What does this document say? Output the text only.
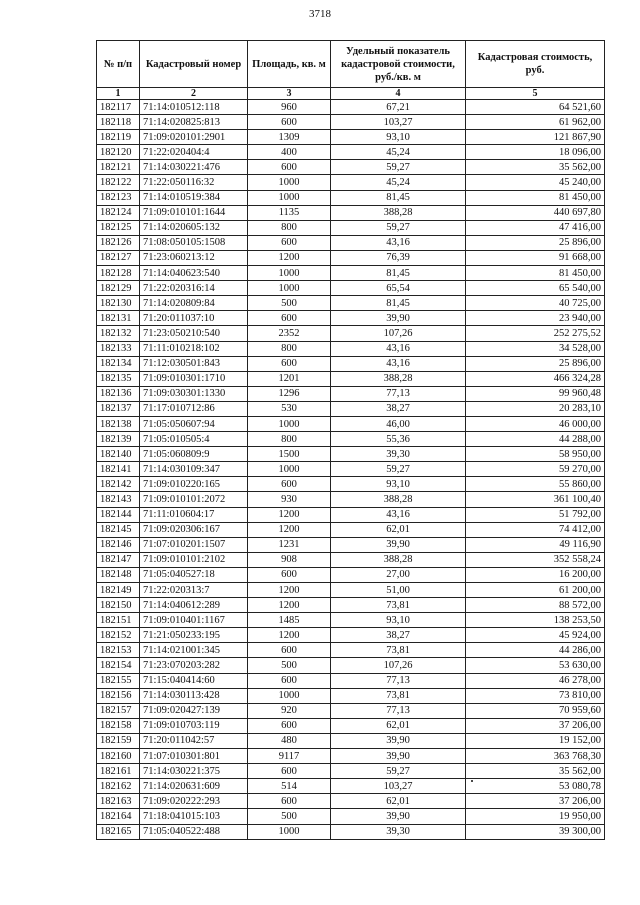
3718
№ п/п	Кадастровый номер	Площадь, кв. м	Удельный показатель кадастровой стоимости, руб./кв. м	Кадастровая стоимость, руб.
1	2	3	4	5
182117	71:14:010512:118	960	67,21	64 521,60
182118	71:14:020825:813	600	103,27	61 962,00
182119	71:09:020101:2901	1309	93,10	121 867,90
182120	71:22:020404:4	400	45,24	18 096,00
182121	71:14:030221:476	600	59,27	35 562,00
182122	71:22:050116:32	1000	45,24	45 240,00
182123	71:14:010519:384	1000	81,45	81 450,00
182124	71:09:010101:1644	1135	388,28	440 697,80
182125	71:14:020605:132	800	59,27	47 416,00
182126	71:08:050105:1508	600	43,16	25 896,00
182127	71:23:060213:12	1200	76,39	91 668,00
182128	71:14:040623:540	1000	81,45	81 450,00
182129	71:22:020316:14	1000	65,54	65 540,00
182130	71:14:020809:84	500	81,45	40 725,00
182131	71:20:011037:10	600	39,90	23 940,00
182132	71:23:050210:540	2352	107,26	252 275,52
182133	71:11:010218:102	800	43,16	34 528,00
182134	71:12:030501:843	600	43,16	25 896,00
182135	71:09:010301:1710	1201	388,28	466 324,28
182136	71:09:030301:1330	1296	77,13	99 960,48
182137	71:17:010712:86	530	38,27	20 283,10
182138	71:05:050607:94	1000	46,00	46 000,00
182139	71:05:010505:4	800	55,36	44 288,00
182140	71:05:060809:9	1500	39,30	58 950,00
182141	71:14:030109:347	1000	59,27	59 270,00
182142	71:09:010220:165	600	93,10	55 860,00
182143	71:09:010101:2072	930	388,28	361 100,40
182144	71:11:010604:17	1200	43,16	51 792,00
182145	71:09:020306:167	1200	62,01	74 412,00
182146	71:07:010201:1507	1231	39,90	49 116,90
182147	71:09:010101:2102	908	388,28	352 558,24
182148	71:05:040527:18	600	27,00	16 200,00
182149	71:22:020313:7	1200	51,00	61 200,00
182150	71:14:040612:289	1200	73,81	88 572,00
182151	71:09:010401:1167	1485	93,10	138 253,50
182152	71:21:050233:195	1200	38,27	45 924,00
182153	71:14:021001:345	600	73,81	44 286,00
182154	71:23:070203:282	500	107,26	53 630,00
182155	71:15:040414:60	600	77,13	46 278,00
182156	71:14:030113:428	1000	73,81	73 810,00
182157	71:09:020427:139	920	77,13	70 959,60
182158	71:09:010703:119	600	62,01	37 206,00
182159	71:20:011042:57	480	39,90	19 152,00
182160	71:07:010301:801	9117	39,90	363 768,30
182161	71:14:030221:375	600	59,27	35 562,00
182162	71:14:020631:609	514	103,27	53 080,78
182163	71:09:020222:293	600	62,01	37 206,00
182164	71:18:041015:103	500	39,90	19 950,00
182165	71:05:040522:488	1000	39,30	39 300,00
